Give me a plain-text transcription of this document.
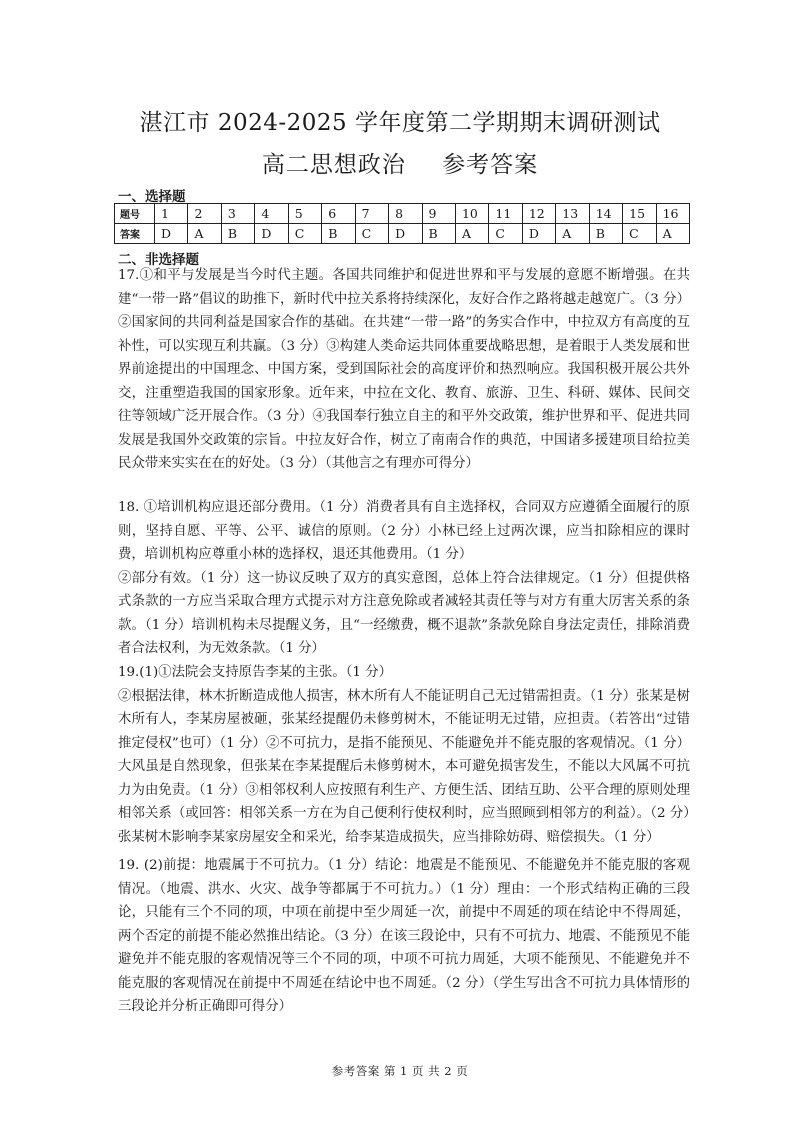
湛江市 2024-2025 学年度第二学期期末调研测试
高二思想政治 参考答案
一、选择题
题号	1	2	3	4	5	6	7	8	9	10	11	12	13	14	15	16
答案	D	A	B	D	C	B	C	D	B	A	C	D	A	B	C	A
二、非选择题

17.①和平与发展是当今时代主题。各国共同维护和促进世界和平与发展的意愿不断增强。在共建“一带一路”倡议的助推下，新时代中拉关系将持续深化，友好合作之路将越走越宽广。（3 分）②国家间的共同利益是国家合作的基础。在共建“一带一路”的务实合作中，中拉双方有高度的互补性，可以实现互利共赢。（3 分）③构建人类命运共同体重要战略思想，是着眼于人类发展和世界前途提出的中国理念、中国方案，受到国际社会的高度评价和热烈响应。我国积极开展公共外交，注重塑造我国的国家形象。近年来，中拉在文化、教育、旅游、卫生、科研、媒体、民间交往等领域广泛开展合作。（3 分）④我国奉行独立自主的和平外交政策，维护世界和平、促进共同发展是我国外交政策的宗旨。中拉友好合作，树立了南南合作的典范，中国诸多援建项目给拉美民众带来实实在在的好处。（3 分）（其他言之有理亦可得分）

18. ①培训机构应退还部分费用。（1 分）消费者具有自主选择权，合同双方应遵循全面履行的原则，坚持自愿、平等、公平、诚信的原则。（2 分）小林已经上过两次课，应当扣除相应的课时费，培训机构应尊重小林的选择权，退还其他费用。（1 分）

②部分有效。（1 分）这一协议反映了双方的真实意图，总体上符合法律规定。（1 分）但提供格式条款的一方应当采取合理方式提示对方注意免除或者减轻其责任等与对方有重大厉害关系的条款。（1 分）培训机构未尽提醒义务，且“一经缴费，概不退款”条款免除自身法定责任，排除消费者合法权利，为无效条款。（1 分）

19.(1)①法院会支持原告李某的主张。（1 分）

②根据法律，林木折断造成他人损害，林木所有人不能证明自己无过错需担责。（1 分）张某是树木所有人，李某房屋被砸，张某经提醒仍未修剪树木，不能证明无过错，应担责。（若答出“过错推定侵权”也可）（1 分）②不可抗力，是指不能预见、不能避免并不能克服的客观情况。（1 分）大风虽是自然现象，但张某在李某提醒后未修剪树木，本可避免损害发生，不能以大风属不可抗力为由免责。（1 分）③相邻权利人应按照有利生产、方便生活、团结互助、公平合理的原则处理相邻关系（或回答：相邻关系一方在为自己便利行使权利时，应当照顾到相邻方的利益）。（2 分）张某树木影响李某家房屋安全和采光，给李某造成损失，应当排除妨碍、赔偿损失。（1 分）

19. (2)前提：地震属于不可抗力。（1 分）结论：地震是不能预见、不能避免并不能克服的客观情况。（地震、洪水、火灾、战争等都属于不可抗力。）（1 分）理由：一个形式结构正确的三段论，只能有三个不同的项，中项在前提中至少周延一次，前提中不周延的项在结论中不得周延，两个否定的前提不能必然推出结论。（3 分）在该三段论中，只有不可抗力、地震、不能预见不能避免并不能克服的客观情况等三个不同的项，中项不可抗力周延，大项不能预见、不能避免并不能克服的客观情况在前提中不周延在结论中也不周延。（2 分）（学生写出含不可抗力具体情形的三段论并分析正确即可得分）

参考答案 第 1 页 共 2 页
